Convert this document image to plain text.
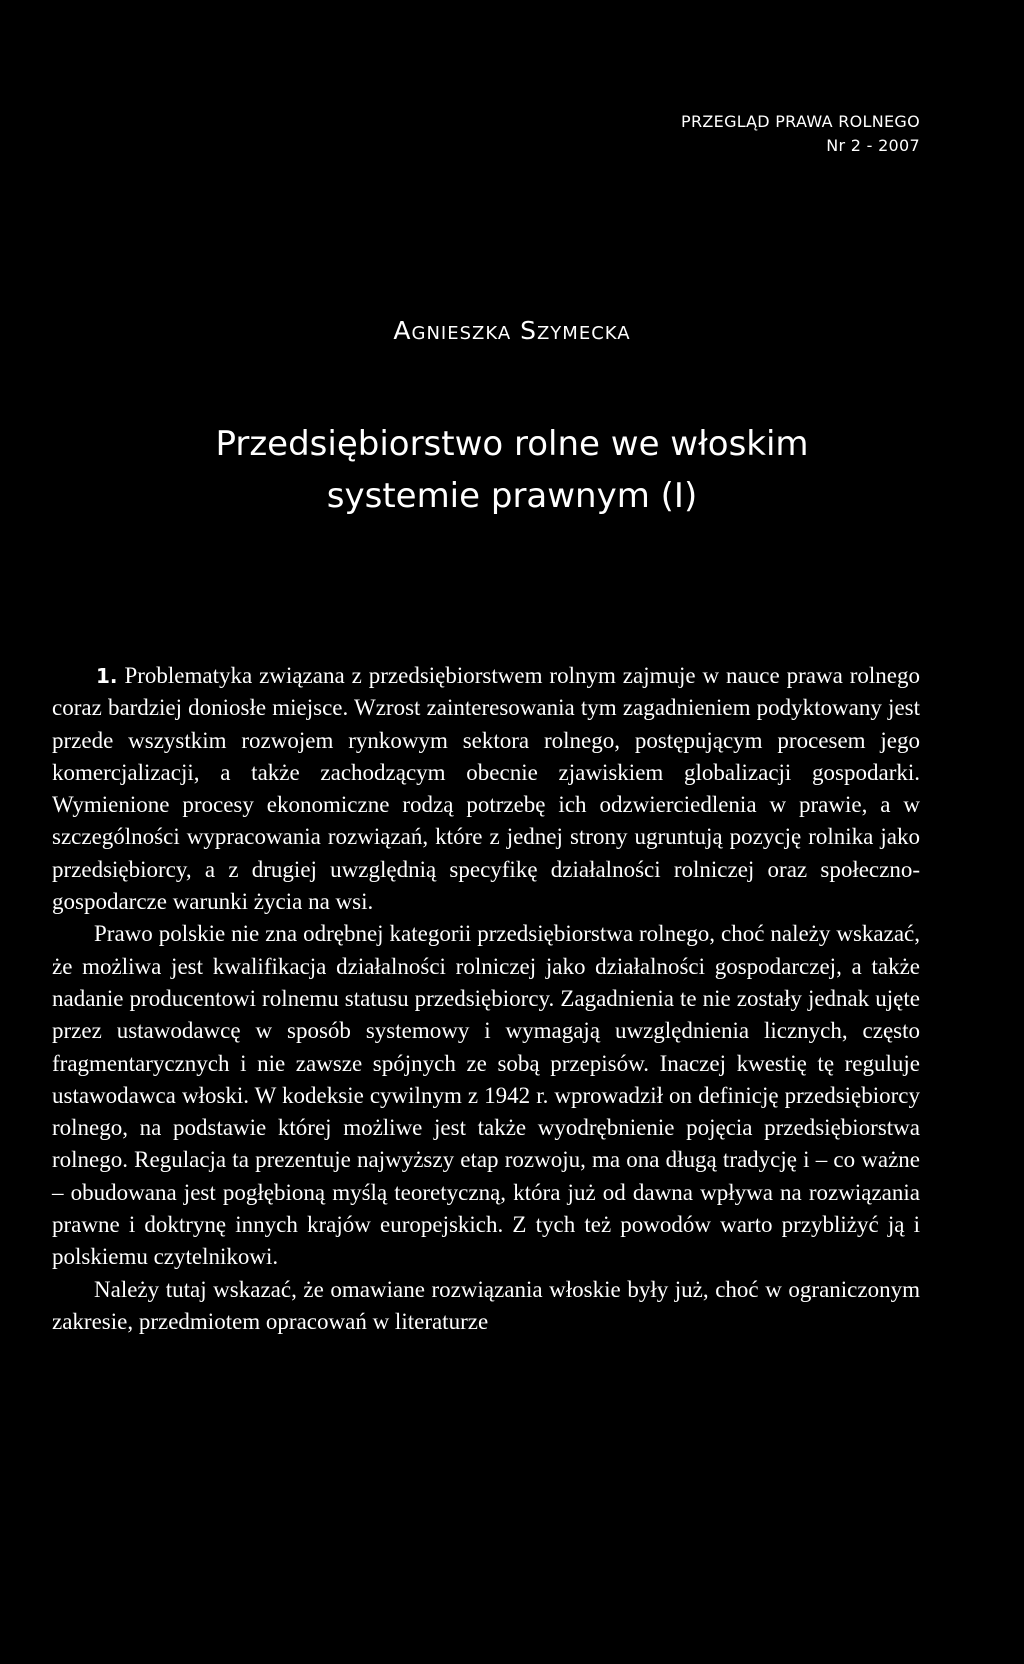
PRZEGLĄD PRAWA ROLNEGO
Nr 2 - 2007
Agnieszka Szymecka
Przedsiębiorstwo rolne we włoskim
systemie prawnym (I)

1. Problematyka związana z przedsiębiorstwem rolnym zajmuje w nauce prawa rolnego coraz bardziej doniosłe miejsce. Wzrost zainteresowania tym zagadnieniem podyktowany jest przede wszystkim rozwojem rynkowym sektora rolnego, postępującym procesem jego komercjalizacji, a także zachodzącym obecnie zjawiskiem globalizacji gospodarki. Wymienione procesy ekonomiczne rodzą potrzebę ich odzwierciedlenia w prawie, a w szczególności wypracowania rozwiązań, które z jednej strony ugruntują pozycję rolnika jako przedsiębiorcy, a z drugiej uwzględnią specyfikę działalności rolniczej oraz społeczno-gospodarcze warunki życia na wsi.

Prawo polskie nie zna odrębnej kategorii przedsiębiorstwa rolnego, choć należy wskazać, że możliwa jest kwalifikacja działalności rolniczej jako działalności gospodarczej, a także nadanie producentowi rolnemu statusu przedsiębiorcy. Zagadnienia te nie zostały jednak ujęte przez ustawodawcę w sposób systemowy i wymagają uwzględnienia licznych, często fragmentarycznych i nie zawsze spójnych ze sobą przepisów. Inaczej kwestię tę reguluje ustawodawca włoski. W kodeksie cywilnym z 1942 r. wprowadził on definicję przedsiębiorcy rolnego, na podstawie której możliwe jest także wyodrębnienie pojęcia przedsiębiorstwa rolnego. Regulacja ta prezentuje najwyższy etap rozwoju, ma ona długą tradycję i – co ważne – obudowana jest pogłębioną myślą teoretyczną, która już od dawna wpływa na rozwiązania prawne i doktrynę innych krajów europejskich. Z tych też powodów warto przybliżyć ją i polskiemu czytelnikowi.

Należy tutaj wskazać, że omawiane rozwiązania włoskie były już, choć w ograniczonym zakresie, przedmiotem opracowań w literaturze
